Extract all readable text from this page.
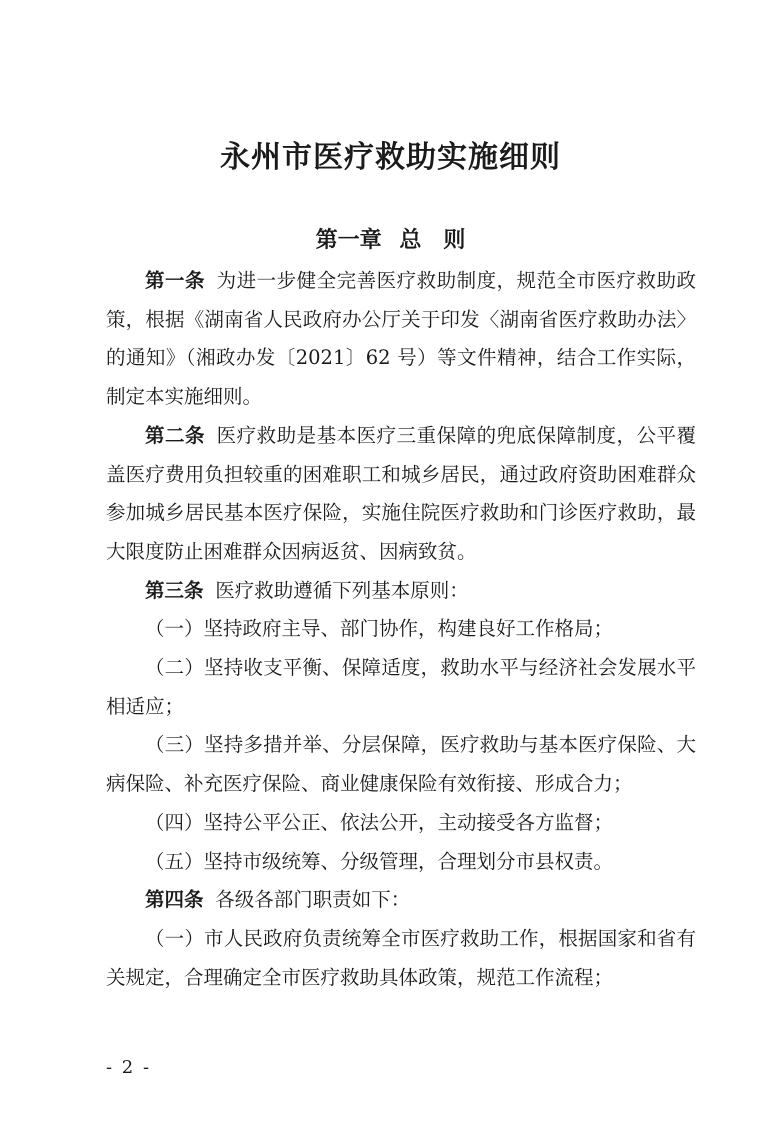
永州市医疗救助实施细则
第一章 总　则

第一条 为进一步健全完善医疗救助制度，规范全市医疗救助政策，根据《湖南省人民政府办公厅关于印发〈湖南省医疗救助办法〉的通知》（湘政办发〔2021〕62 号）等文件精神，结合工作实际，制定本实施细则。

第二条 医疗救助是基本医疗三重保障的兜底保障制度，公平覆盖医疗费用负担较重的困难职工和城乡居民，通过政府资助困难群众参加城乡居民基本医疗保险，实施住院医疗救助和门诊医疗救助，最大限度防止困难群众因病返贫、因病致贫。

第三条 医疗救助遵循下列基本原则：

（一）坚持政府主导、部门协作，构建良好工作格局；

（二）坚持收支平衡、保障适度，救助水平与经济社会发展水平相适应；

（三）坚持多措并举、分层保障，医疗救助与基本医疗保险、大病保险、补充医疗保险、商业健康保险有效衔接、形成合力；

（四）坚持公平公正、依法公开，主动接受各方监督；

（五）坚持市级统筹、分级管理，合理划分市县权责。

第四条 各级各部门职责如下：

（一）市人民政府负责统筹全市医疗救助工作，根据国家和省有关规定，合理确定全市医疗救助具体政策，规范工作流程；

- 2 -
